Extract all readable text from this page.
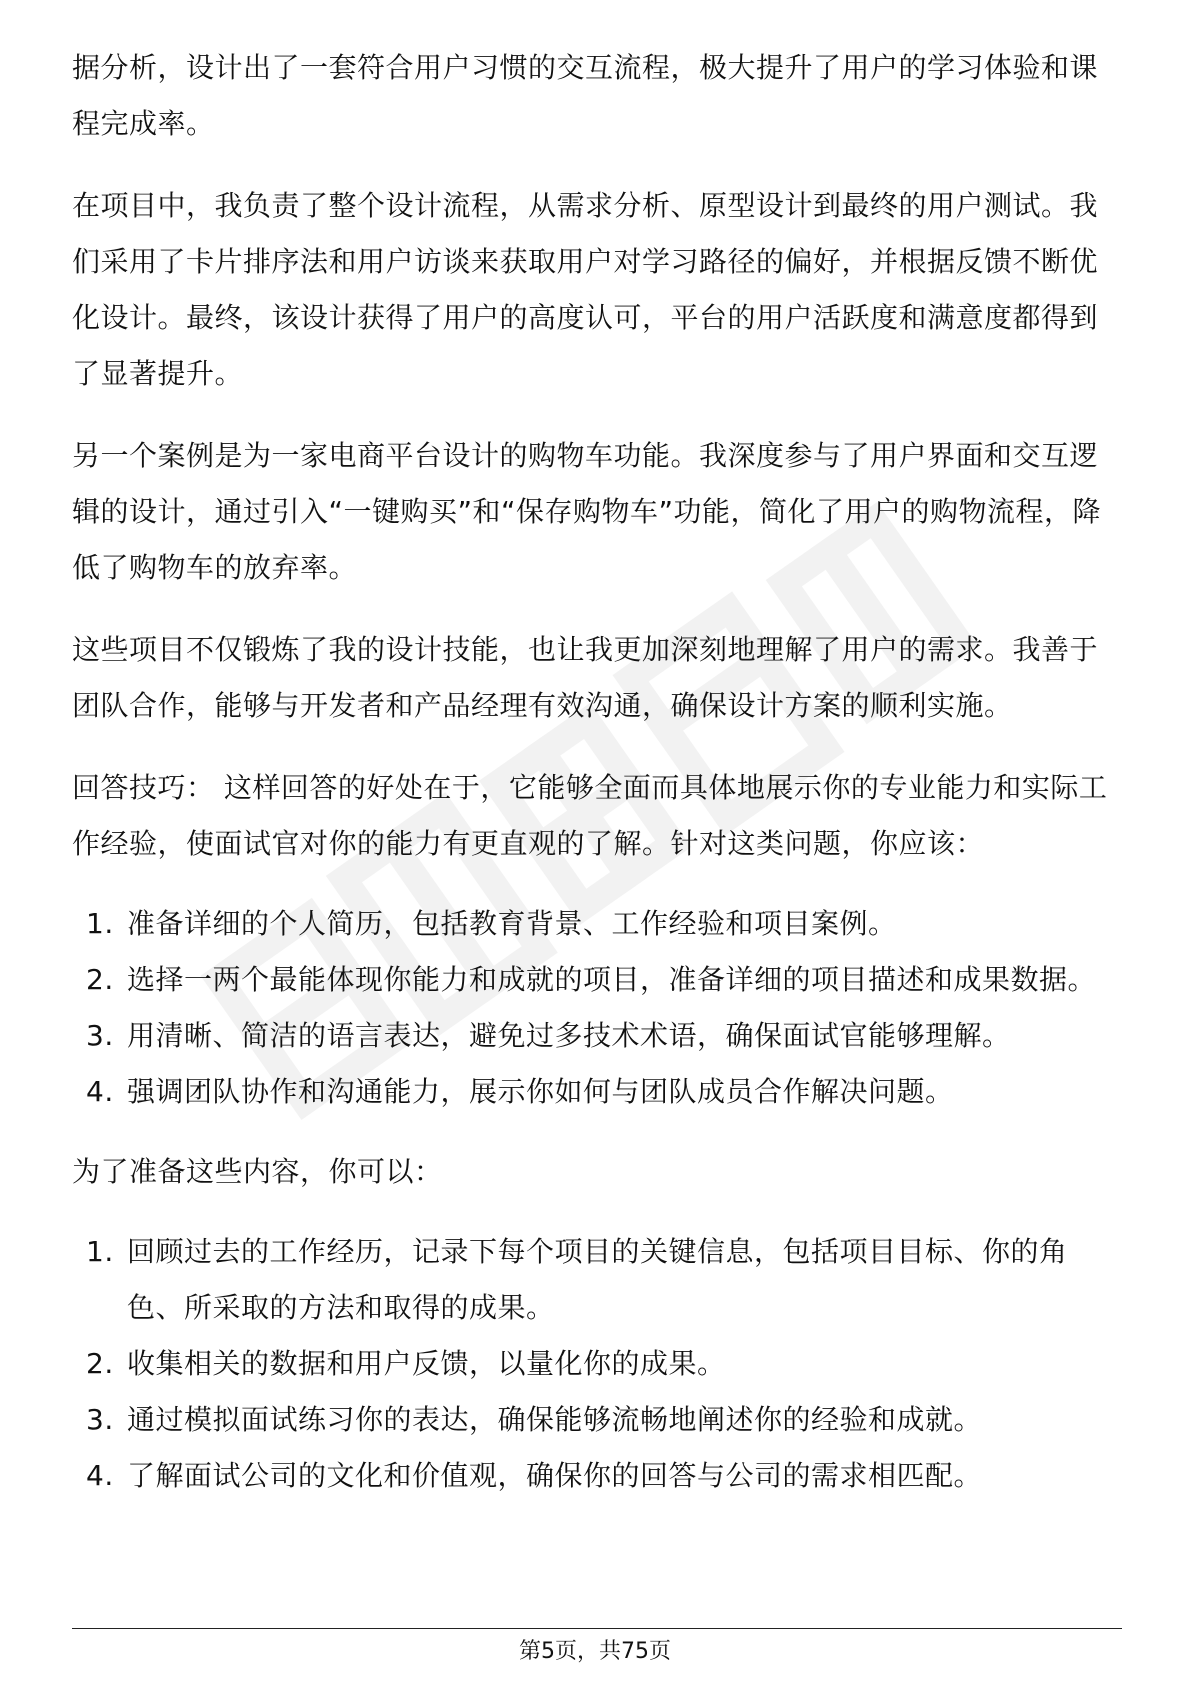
据分析，设计出了一套符合用户习惯的交互流程，极大提升了用户的学习体验和课程完成率。

在项目中，我负责了整个设计流程，从需求分析、原型设计到最终的用户测试。我们采用了卡片排序法和用户访谈来获取用户对学习路径的偏好，并根据反馈不断优化设计。最终，该设计获得了用户的高度认可，平台的用户活跃度和满意度都得到了显著提升。

另一个案例是为一家电商平台设计的购物车功能。我深度参与了用户界面和交互逻辑的设计，通过引入“一键购买”和“保存购物车”功能，简化了用户的购物流程，降低了购物车的放弃率。

这些项目不仅锻炼了我的设计技能，也让我更加深刻地理解了用户的需求。我善于团队合作，能够与开发者和产品经理有效沟通，确保设计方案的顺利实施。

回答技巧： 这样回答的好处在于，它能够全面而具体地展示你的专业能力和实际工作经验，使面试官对你的能力有更直观的了解。针对这类问题，你应该：

1. 准备详细的个人简历，包括教育背景、工作经验和项目案例。
2. 选择一两个最能体现你能力和成就的项目，准备详细的项目描述和成果数据。
3. 用清晰、简洁的语言表达，避免过多技术术语，确保面试官能够理解。
4. 强调团队协作和沟通能力，展示你如何与团队成员合作解决问题。

为了准备这些内容，你可以：

1. 回顾过去的工作经历，记录下每个项目的关键信息，包括项目目标、你的角色、所采取的方法和取得的成果。
2. 收集相关的数据和用户反馈，以量化你的成果。
3. 通过模拟面试练习你的表达，确保能够流畅地阐述你的经验和成就。
4. 了解面试公司的文化和价值观，确保你的回答与公司的需求相匹配。
第5页，共75页
